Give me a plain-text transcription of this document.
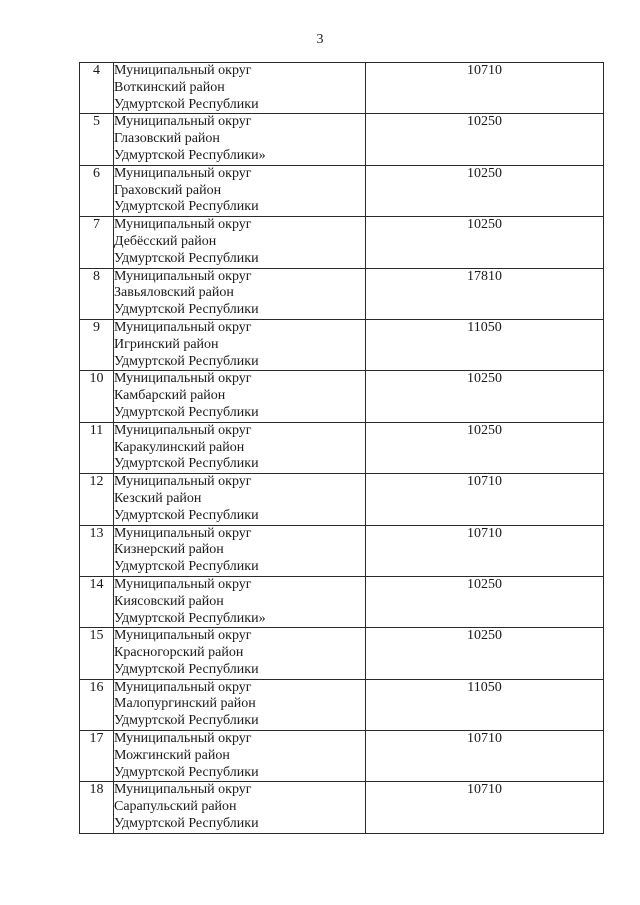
3
4	Муниципальный округ
Воткинский район
Удмуртской Республики	10710
5	Муниципальный округ
Глазовский район
Удмуртской Республики»	10250
6	Муниципальный округ
Граховский район
Удмуртской Республики	10250
7	Муниципальный округ
Дебёсский район
Удмуртской Республики	10250
8	Муниципальный округ
Завьяловский район
Удмуртской Республики	17810
9	Муниципальный округ
Игринский район
Удмуртской Республики	11050
10	Муниципальный округ
Камбарский район
Удмуртской Республики	10250
11	Муниципальный округ
Каракулинский район
Удмуртской Республики	10250
12	Муниципальный округ
Кезский район
Удмуртской Республики	10710
13	Муниципальный округ
Кизнерский район
Удмуртской Республики	10710
14	Муниципальный округ
Киясовский район
Удмуртской Республики»	10250
15	Муниципальный округ
Красногорский район
Удмуртской Республики	10250
16	Муниципальный округ
Малопургинский район
Удмуртской Республики	11050
17	Муниципальный округ
Можгинский район
Удмуртской Республики	10710
18	Муниципальный округ
Сарапульский район
Удмуртской Республики	10710
